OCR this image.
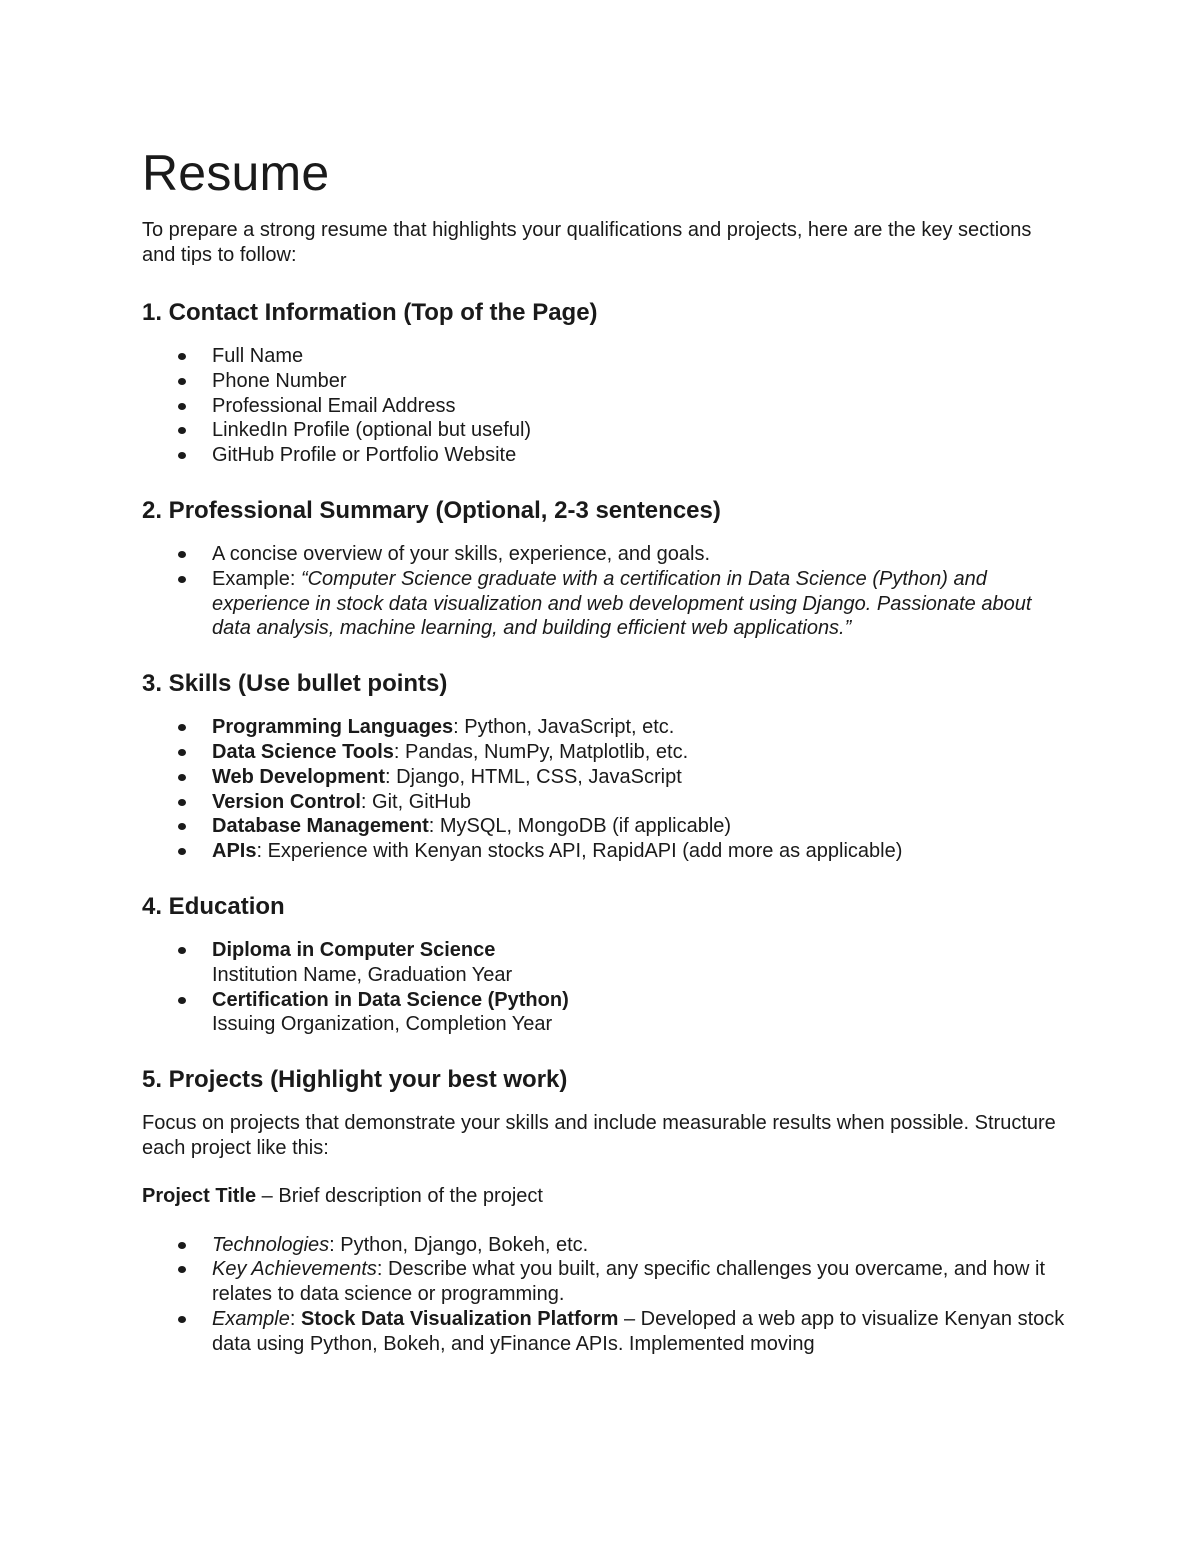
Resume

To prepare a strong resume that highlights your qualifications and projects, here are the key sections and tips to follow:

1. Contact Information (Top of the Page)
Full Name
Phone Number
Professional Email Address
LinkedIn Profile (optional but useful)
GitHub Profile or Portfolio Website
2. Professional Summary (Optional, 2-3 sentences)
A concise overview of your skills, experience, and goals.
Example: “Computer Science graduate with a certification in Data Science (Python) and experience in stock data visualization and web development using Django. Passionate about data analysis, machine learning, and building efficient web applications.”
3. Skills (Use bullet points)
Programming Languages: Python, JavaScript, etc.
Data Science Tools: Pandas, NumPy, Matplotlib, etc.
Web Development: Django, HTML, CSS, JavaScript
Version Control: Git, GitHub
Database Management: MySQL, MongoDB (if applicable)
APIs: Experience with Kenyan stocks API, RapidAPI (add more as applicable)
4. Education
Diploma in Computer Science
Institution Name, Graduation Year
Certification in Data Science (Python)
Issuing Organization, Completion Year
5. Projects (Highlight your best work)

Focus on projects that demonstrate your skills and include measurable results when possible. Structure each project like this:

Project Title – Brief description of the project

Technologies: Python, Django, Bokeh, etc.
Key Achievements: Describe what you built, any specific challenges you overcame, and how it relates to data science or programming.
Example: Stock Data Visualization Platform – Developed a web app to visualize Kenyan stock data using Python, Bokeh, and yFinance APIs. Implemented moving
